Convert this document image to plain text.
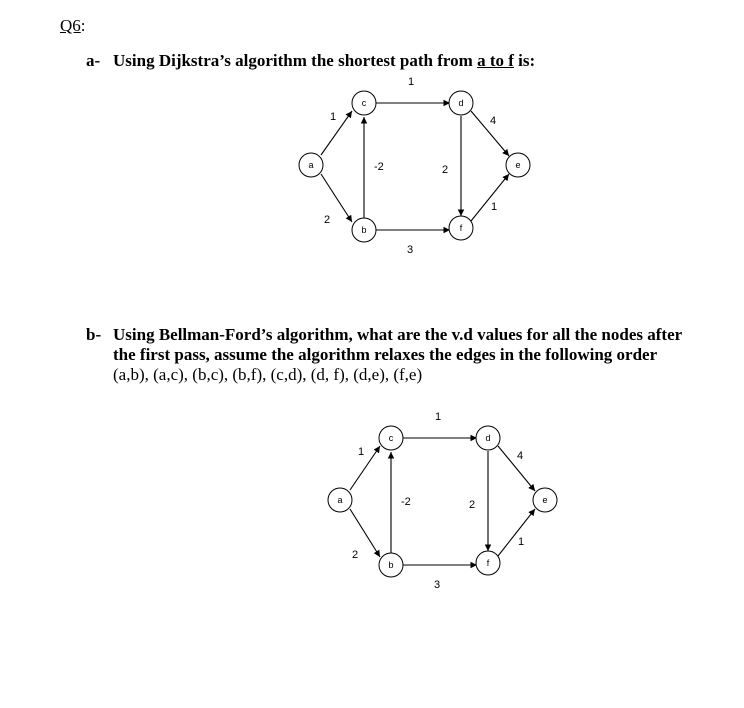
Q6:
a- Using Dijkstra’s algorithm the shortest path from a to f is:
a
c
b
d
f
e
1
2
-2
1
3
2
4
1
b- Using Bellman-Ford’s algorithm, what are the v.d values for all the nodes after
the first pass, assume the algorithm relaxes the edges in the following order
(a,b), (a,c), (b,c), (b,f), (c,d), (d, f), (d,e), (f,e)
a
c
b
d
f
e
1
2
-2
1
3
2
4
1
